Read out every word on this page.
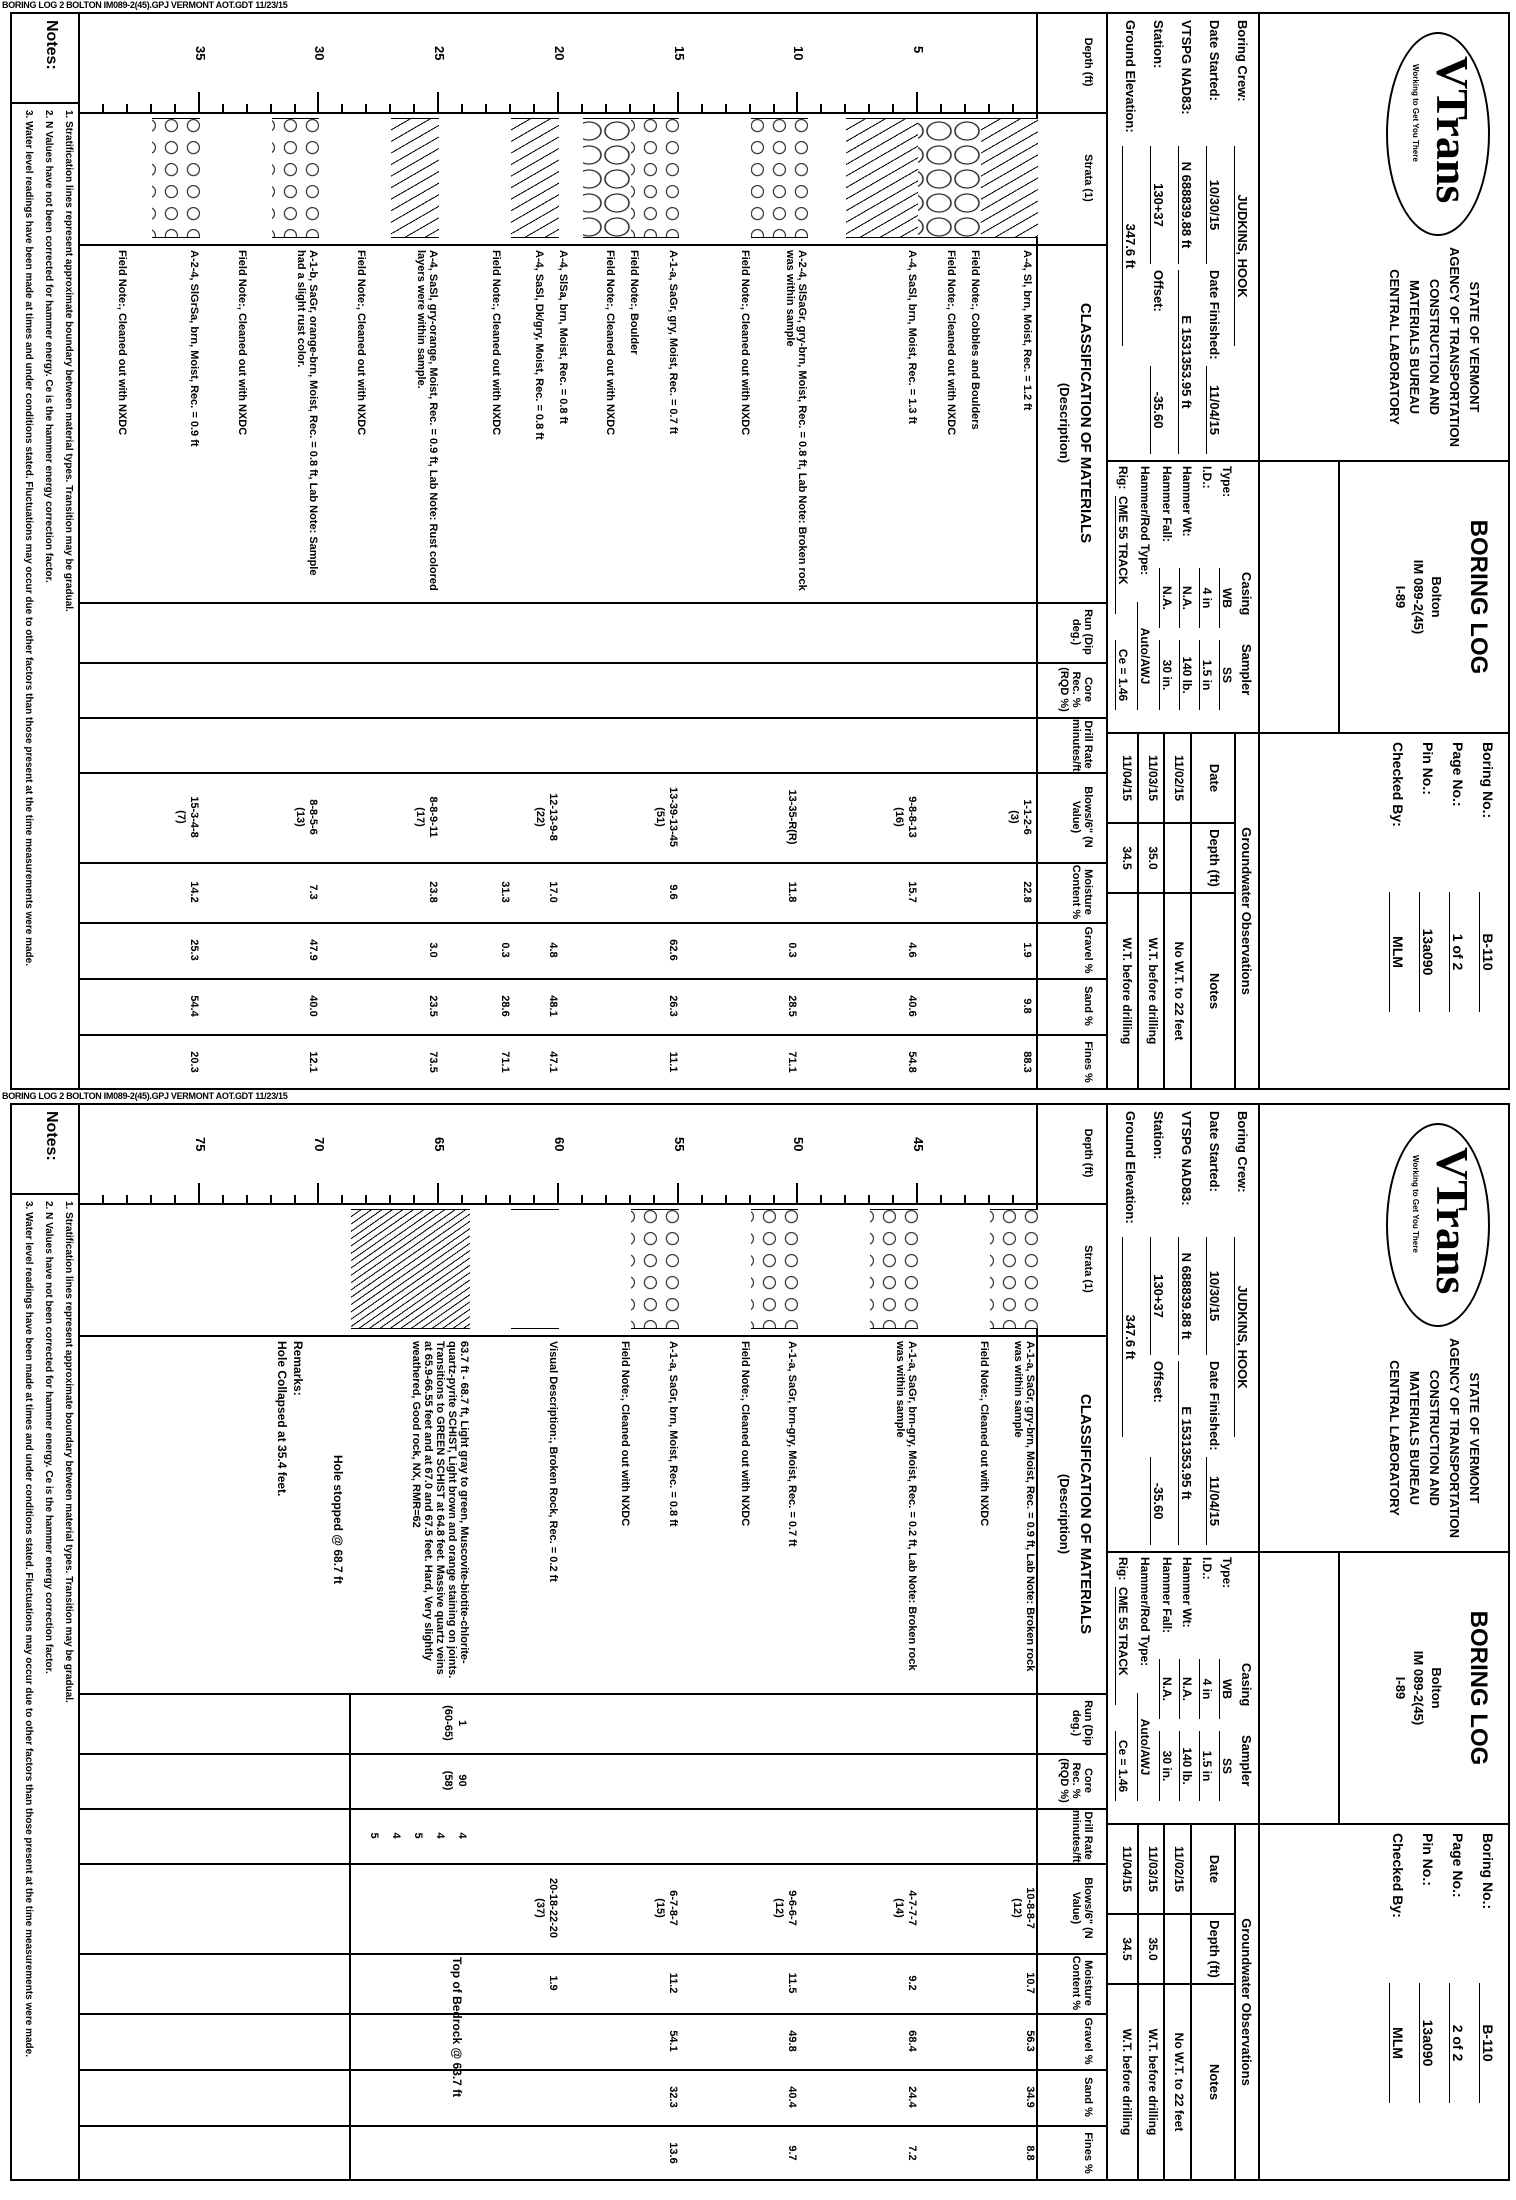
BORING LOG 2 BOLTON IM089-2(45).GPJ VERMONT AOT.GDT 11/23/15
BORING LOG 2 BOLTON IM089-2(45).GPJ VERMONT AOT.GDT 11/23/15
VTrans
Working to Get You There
STATE OF VERMONT
AGENCY OF TRANSPORTATION
CONSTRUCTION AND
MATERIALS BUREAU
CENTRAL LABORATORY
BORING LOG
Bolton
IM 089-2(45)
I-89
Boring No.:
B-110
Page No.:
1 of 2
Pin No.:
13a090
Checked By:
MLM
Boring Crew:
JUDKINS, HOOK
Date Started:
10/30/15
Date Finished:
11/04/15
VTSPG NAD83:
N 688839.88 ft
E 1531353.95 ft
Station:
130+37
Offset:
-35.60
Ground Elevation:
347.6 ft
Casing
Sampler
Type:
WB
SS
I.D.:
4 in
1.5 in
Hammer Wt:
N.A.
140 lb.
Hammer Fall:
N.A.
30 in.
Hammer/Rod Type:
Auto/AWJ
Rig:
CME 55 TRACK
Ce = 1.46
Groundwater Observations
Date
Depth (ft)
Notes
11/02/15
No W.T. to 22 feet
11/03/15
35.0
W.T. before drilling
11/04/15
34.5
W.T. before drilling
Depth (ft)
Strata (1)
CLASSIFICATION OF MATERIALS
(Description)
Run (Dip deg.)
Core Rec. % (RQD %)
Drill Rate minutes/ft
Blows/6" (N Value)
Moisture Content %
Gravel %
Sand %
Fines %
5
10
15
20
25
30
35
A-4, Sl, brn, Moist, Rec. = 1.2 ft
Field Note:, Cobbles and Boulders
Field Note:, Cleaned out with NXDC
A-4, SaSl, brn, Moist, Rec. = 1.3 ft
A-2-4, SlSaGr, gry-brn, Moist, Rec. = 0.8 ft, Lab Note: Broken rock was within sample
Field Note:, Cleaned out with NXDC
A-1-a, SaGr, gry, Moist, Rec. = 0.7 ft
Field Note:, Boulder
Field Note:, Cleaned out with NXDC
A-4, SlSa, brn, Moist, Rec. = 0.8 ft
A-4, SaSl, Dk/gry, Moist, Rec. = 0.8 ft
Field Note:, Cleaned out with NXDC
A-4, SaSl, gry-orange, Moist, Rec. = 0.9 ft, Lab Note: Rust colored layers were within sample.
Field Note:, Cleaned out with NXDC
A-1-b, SaGr, orange-brn, Moist, Rec. = 0.8 ft, Lab Note: Sample had a slight rust color.
Field Note:, Cleaned out with NXDC
A-2-4, SlGrSa, brn, Moist, Rec. = 0.9 ft
Field Note:, Cleaned out with NXDC
1-1-2-6
(3)
22.8
1.9
9.8
88.3
9-8-8-13
(16)
15.7
4.6
40.6
54.8
13-35-R(R)
11.8
0.3
28.5
71.1
13-39-13-45
(51)
9.6
62.6
26.3
11.1
12-13-9-8
(22)
17.0
4.8
48.1
47.1
31.3
0.3
28.6
71.1
8-8-9-11
(17)
23.8
3.0
23.5
73.5
8-8-5-6
(13)
7.3
47.9
40.0
12.1
15-3-4-8
(7)
14.2
25.3
54.4
20.3
Notes:
1. Stratification lines represent approximate boundary between material types. Transition may be gradual.
2. N Values have not been corrected for hammer energy. Ce is the hammer energy correction factor.
3. Water level readings have been made at times and under conditions stated. Fluctuations may occur due to other factors than those present at the time measurements were made.
VTrans
Working to Get You There
STATE OF VERMONT
AGENCY OF TRANSPORTATION
CONSTRUCTION AND
MATERIALS BUREAU
CENTRAL LABORATORY
BORING LOG
Bolton
IM 089-2(45)
I-89
Boring No.:
B-110
Page No.:
2 of 2
Pin No.:
13a090
Checked By:
MLM
Boring Crew:
JUDKINS, HOOK
Date Started:
10/30/15
Date Finished:
11/04/15
VTSPG NAD83:
N 688839.88 ft
E 1531353.95 ft
Station:
130+37
Offset:
-35.60
Ground Elevation:
347.6 ft
Casing
Sampler
Type:
WB
SS
I.D.:
4 in
1.5 in
Hammer Wt:
N.A.
140 lb.
Hammer Fall:
N.A.
30 in.
Hammer/Rod Type:
Auto/AWJ
Rig:
CME 55 TRACK
Ce = 1.46
Groundwater Observations
Date
Depth (ft)
Notes
11/02/15
No W.T. to 22 feet
11/03/15
35.0
W.T. before drilling
11/04/15
34.5
W.T. before drilling
Depth (ft)
Strata (1)
CLASSIFICATION OF MATERIALS
(Description)
Run (Dip deg.)
Core Rec. % (RQD %)
Drill Rate minutes/ft
Blows/6" (N Value)
Moisture Content %
Gravel %
Sand %
Fines %
45
50
55
60
65
70
75
A-1-a, SaGr, gry-brn, Moist, Rec. = 0.9 ft, Lab Note: Broken rock was within sample
Field Note:, Cleaned out with NXDC
A-1-a, SaGr, brn-gry, Moist, Rec. = 0.2 ft, Lab Note: Broken rock was within sample
A-1-a, SaGr, brn-gry, Moist, Rec. = 0.7 ft
Field Note:, Cleaned out with NXDC
A-1-a, SaGr, brn, Moist, Rec. = 0.8 ft
Field Note:, Cleaned out with NXDC
Visual Description:, Broken Rock, Rec. = 0.2 ft
63.7 ft - 68.7 ft, Light gray to green, Muscovite-biotite-chlorite-quartz-pyrite SCHIST, Light brown and orange staining on joints. Transitions to GREEN SCHIST at 64.8 feet. Massive quartz veins at 65.9-66.55 feet and at 67.0 and 67.5 feet. Hard, Very slightly weathered, Good rock, NX, RMR=62
10-8-8-7
(12)
10.7
56.3
34.9
8.8
4-7-7-7
(14)
9.2
68.4
24.4
7.2
9-6-6-7
(12)
11.5
49.8
40.4
9.7
6-7-8-7
(15)
11.2
54.1
32.3
13.6
20-18-22-20
(37)
1.9
1
(60-65)
90
(58)
4
4
5
4
5
Top of Bedrock @ 63.7 ft
Hole stopped @ 68.7 ft
Remarks:
Hole Collapsed at 35.4 feet.
Notes:
1. Stratification lines represent approximate boundary between material types. Transition may be gradual.
2. N Values have not been corrected for hammer energy. Ce is the hammer energy correction factor.
3. Water level readings have been made at times and under conditions stated. Fluctuations may occur due to other factors than those present at the time measurements were made.
